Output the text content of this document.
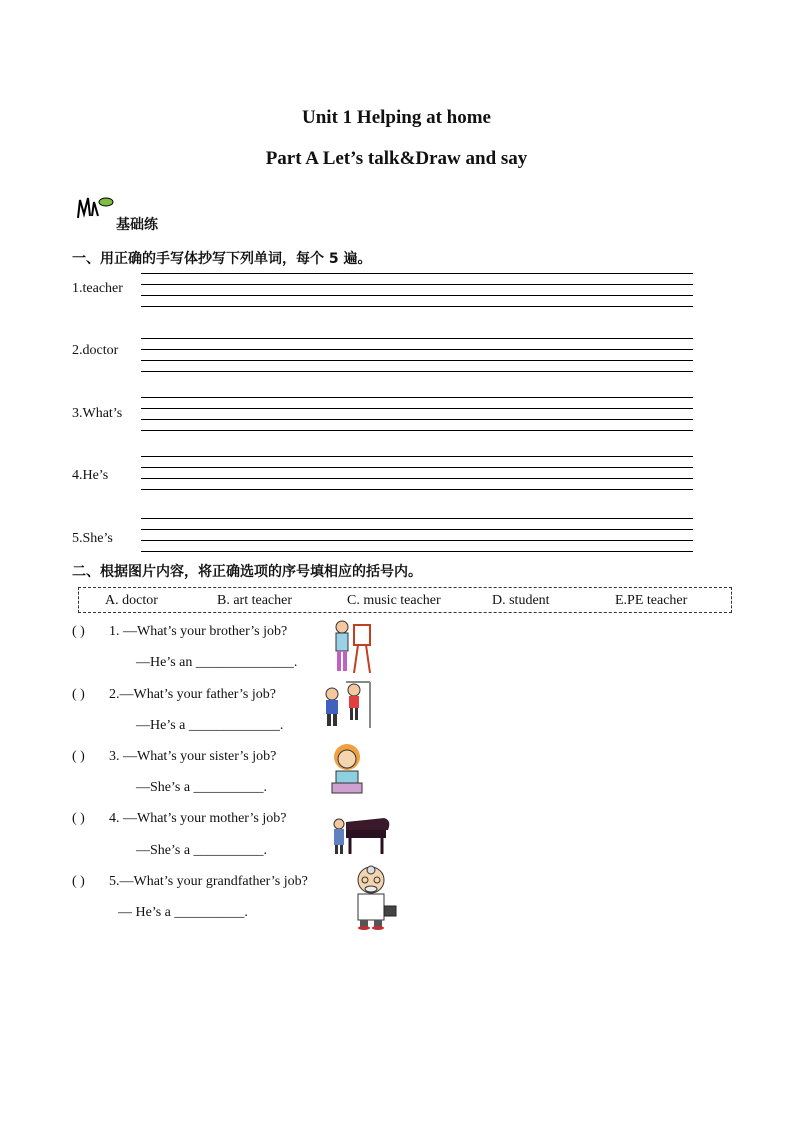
Unit 1 Helping at home
Part A Let’s talk&Draw and say
基础练
一、用正确的手写体抄写下列单词，每个 5 遍。
1.teacher
2.doctor
3.What’s
4.He’s
5.She’s
二、根据图片内容，将正确选项的序号填相应的括号内。
A. doctor	B. art teacher	C. music teacher	D. student	E.PE teacher
( ) 1. —What’s your brother’s job?
—He’s an ______________.
( ) 2.—What’s your father’s job?
—He’s a _____________.
( ) 3. —What’s your sister’s job?
—She’s a __________.
( ) 4. —What’s your mother’s job?
—She’s a __________.
( ) 5.—What’s your grandfather’s job?
— He’s a __________.
